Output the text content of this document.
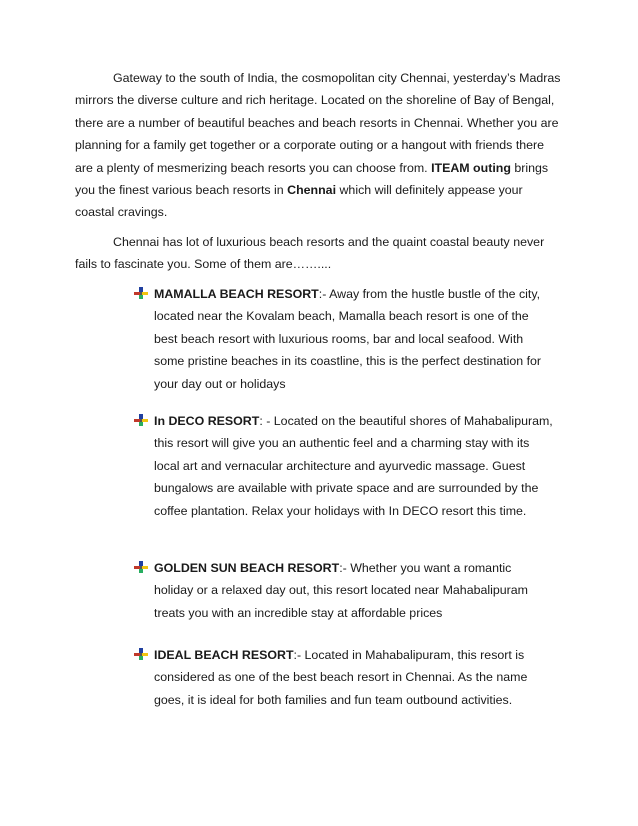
Gateway to the south of India, the cosmopolitan city Chennai, yesterday’s Madras mirrors the diverse culture and rich heritage. Located on the shoreline of Bay of Bengal, there are a number of beautiful beaches and beach resorts in Chennai. Whether you are planning for a family get together or a corporate outing or a hangout with friends there are a plenty of mesmerizing beach resorts you can choose from. ITEAM outing brings you the finest various beach resorts in Chennai which will definitely appease your coastal cravings.

Chennai has lot of luxurious beach resorts and the quaint coastal beauty never fails to fascinate you. Some of them are……....

MAMALLA BEACH RESORT:- Away from the hustle bustle of the city, located near the Kovalam beach, Mamalla beach resort is one of the best beach resort with luxurious rooms, bar and local seafood. With some pristine beaches in its coastline, this is the perfect destination for your day out or holidays

In DECO RESORT: - Located on the beautiful shores of Mahabalipuram, this resort will give you an authentic feel and a charming stay with its local art and vernacular architecture and ayurvedic massage. Guest bungalows are available with private space and are surrounded by the coffee plantation. Relax your holidays with In DECO resort this time.

GOLDEN SUN BEACH RESORT:- Whether you want a romantic holiday or a relaxed day out, this resort located near Mahabalipuram treats you with an incredible stay at affordable prices

IDEAL BEACH RESORT:- Located in Mahabalipuram, this resort is considered as one of the best beach resort in Chennai. As the name goes, it is ideal for both families and fun team outbound activities.
